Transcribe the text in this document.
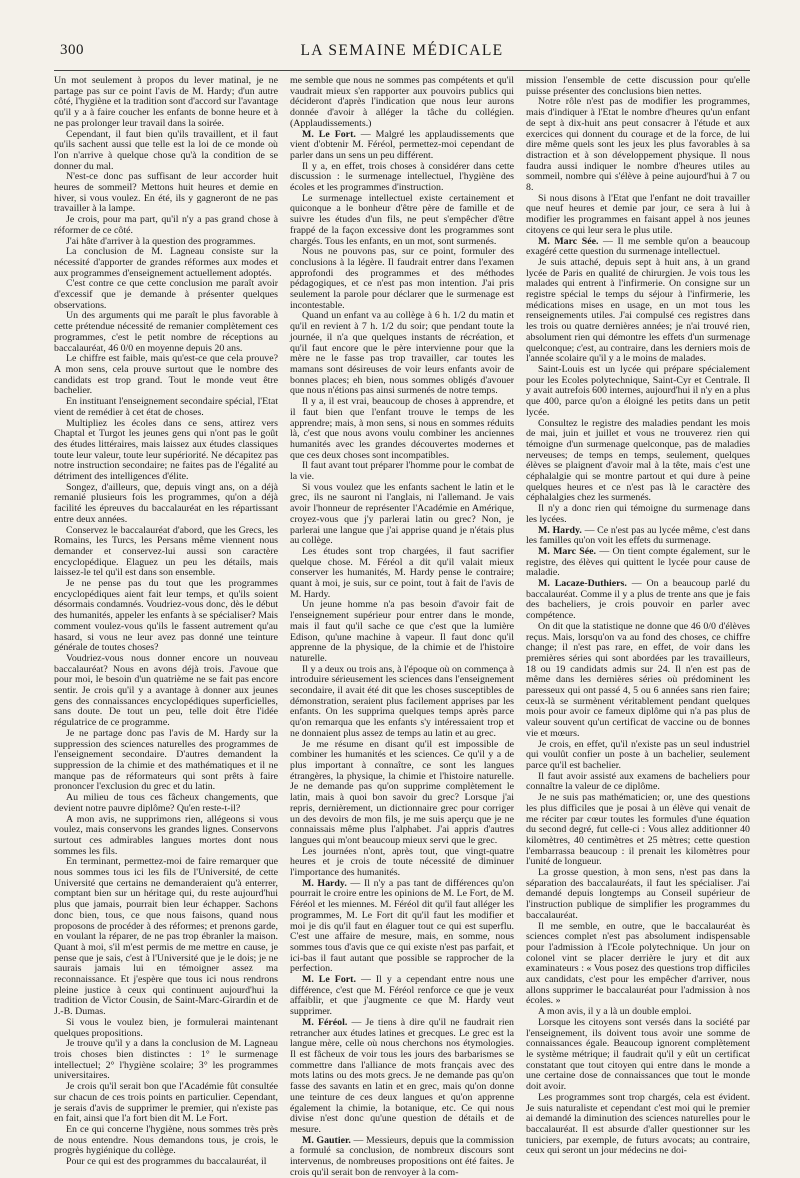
300	LA SEMAINE MÉDICALE

Un mot seulement à propos du lever matinal, je ne partage pas sur ce point l'avis de M. Hardy; d'un autre côté, l'hygiène et la tradition sont d'accord sur l'avantage qu'il y a à faire coucher les enfants de bonne heure et à ne pas prolonger leur travail dans la soirée.

Cependant, il faut bien qu'ils travaillent, et il faut qu'ils sachent aussi que telle est la loi de ce monde où l'on n'arrive à quelque chose qu'à la condition de se donner du mal.

N'est-ce donc pas suffisant de leur accorder huit heures de sommeil? Mettons huit heures et demie en hiver, si vous voulez. En été, ils y gagneront de ne pas travailler à la lampe.

Je crois, pour ma part, qu'il n'y a pas grand chose à réformer de ce côté.

J'ai hâte d'arriver à la question des programmes.

La conclusion de M. Lagneau consiste sur la nécessité d'apporter de grandes réformes aux modes et aux programmes d'enseignement actuellement adoptés.

C'est contre ce que cette conclusion me paraît avoir d'excessif que je demande à présenter quelques observations.

Un des arguments qui me paraît le plus favorable à cette prétendue nécessité de remanier complètement ces programmes, c'est le petit nombre de réceptions au baccalauréat, 46 0/0 en moyenne depuis 20 ans.

Le chiffre est faible, mais qu'est-ce que cela prouve? A mon sens, cela prouve surtout que le nombre des candidats est trop grand. Tout le monde veut être bachelier.

En instituant l'enseignement secondaire spécial, l'Etat vient de remédier à cet état de choses.

Multipliez les écoles dans ce sens, attirez vers Chaptal et Turgot les jeunes gens qui n'ont pas le goût des études littéraires, mais laissez aux études classiques toute leur valeur, toute leur supériorité. Ne décapitez pas notre instruction secondaire; ne faites pas de l'égalité au détriment des intelligences d'élite.

Songez, d'ailleurs, que, depuis vingt ans, on a déjà remanié plusieurs fois les programmes, qu'on a déjà facilité les épreuves du baccalauréat en les répartissant entre deux années.

Conservez le baccalauréat d'abord, que les Grecs, les Romains, les Turcs, les Persans même viennent nous demander et conservez-lui aussi son caractère encyclopédique. Elaguez un peu les détails, mais laissez-le tel qu'il est dans son ensemble.

Je ne pense pas du tout que les programmes encyclopédiques aient fait leur temps, et qu'ils soient désormais condamnés. Voudriez-vous donc, dès le début des humanités, appeler les enfants à se spécialiser? Mais comment voulez-vous qu'ils le fassent autrement qu'au hasard, si vous ne leur avez pas donné une teinture générale de toutes choses?

Voudriez-vous nous donner encore un nouveau baccalauréat? Nous en avons déjà trois. J'avoue que pour moi, le besoin d'un quatrième ne se fait pas encore sentir. Je crois qu'il y a avantage à donner aux jeunes gens des connaissances encyclopédiques superficielles, sans doute. De tout un peu, telle doit être l'idée régulatrice de ce programme.

Je ne partage donc pas l'avis de M. Hardy sur la suppression des sciences naturelles des programmes de l'enseignement secondaire. D'autres demandent la suppression de la chimie et des mathématiques et il ne manque pas de réformateurs qui sont prêts à faire prononcer l'exclusion du grec et du latin.

Au milieu de tous ces fâcheux changements, que devient notre pauvre diplôme? Qu'en reste-t-il?

A mon avis, ne supprimons rien, allégeons si vous voulez, mais conservons les grandes lignes. Conservons surtout ces admirables langues mortes dont nous sommes les fils.

En terminant, permettez-moi de faire remarquer que nous sommes tous ici les fils de l'Université, de cette Université que certains ne demanderaient qu'à enterrer, comptant bien sur un héritage qui, du reste aujourd'hui plus que jamais, pourrait bien leur échapper. Sachons donc bien, tous, ce que nous faisons, quand nous proposons de procéder à des réformes; et prenons garde, en voulant la réparer, de ne pas trop ébranler la maison. Quant à moi, s'il m'est permis de me mettre en cause, je pense que je sais, c'est à l'Université que je le dois; je ne saurais jamais lui en témoigner assez ma reconnaissance. Et j'espère que tous ici nous rendrons pleine justice à ceux qui continuent aujourd'hui la tradition de Victor Cousin, de Saint-Marc-Girardin et de J.-B. Dumas.

Si vous le voulez bien, je formulerai maintenant quelques propositions.

Je trouve qu'il y a dans la conclusion de M. Lagneau trois choses bien distinctes : 1° le surmenage intellectuel; 2° l'hygiène scolaire; 3° les programmes universitaires.

Je crois qu'il serait bon que l'Académie fût consultée sur chacun de ces trois points en particulier. Cependant, je serais d'avis de supprimer le premier, qui n'existe pas en fait, ainsi que l'a fort bien dit M. Le Fort.

En ce qui concerne l'hygiène, nous sommes très près de nous entendre. Nous demandons tous, je crois, le progrès hygiénique du collège.

Pour ce qui est des programmes du baccalauréat, il

me semble que nous ne sommes pas compétents et qu'il vaudrait mieux s'en rapporter aux pouvoirs publics qui décideront d'après l'indication que nous leur aurons donnée d'avoir à alléger la tâche du collégien. (Applaudissements.)

M. Le Fort. — Malgré les applaudissements que vient d'obtenir M. Féréol, permettez-moi cependant de parler dans un sens un peu différent.

Il y a, en effet, trois choses à considérer dans cette discussion : le surmenage intellectuel, l'hygiène des écoles et les programmes d'instruction.

Le surmenage intellectuel existe certainement et quiconque a le bonheur d'être père de famille et de suivre les études d'un fils, ne peut s'empêcher d'être frappé de la façon excessive dont les programmes sont chargés. Tous les enfants, en un mot, sont surmenés.

Nous ne pouvons pas, sur ce point, formuler des conclusions à la légère. Il faudrait entrer dans l'examen approfondi des programmes et des méthodes pédagogiques, et ce n'est pas mon intention. J'ai pris seulement la parole pour déclarer que le surmenage est incontestable.

Quand un enfant va au collège à 6 h. 1/2 du matin et qu'il en revient à 7 h. 1/2 du soir; que pendant toute la journée, il n'a que quelques instants de récréation, et qu'il faut encore que le père intervienne pour que la mère ne le fasse pas trop travailler, car toutes les mamans sont désireuses de voir leurs enfants avoir de bonnes places; eh bien, nous sommes obligés d'avouer que nous n'étions pas ainsi surmenés de notre temps.

Il y a, il est vrai, beaucoup de choses à apprendre, et il faut bien que l'enfant trouve le temps de les apprendre; mais, à mon sens, si nous en sommes réduits là, c'est que nous avons voulu combiner les anciennes humanités avec les grandes découvertes modernes et que ces deux choses sont incompatibles.

Il faut avant tout préparer l'homme pour le combat de la vie.

Si vous voulez que les enfants sachent le latin et le grec, ils ne sauront ni l'anglais, ni l'allemand. Je vais avoir l'honneur de représenter l'Académie en Amérique, croyez-vous que j'y parlerai latin ou grec? Non, je parlerai une langue que j'ai apprise quand je n'étais plus au collège.

Les études sont trop chargées, il faut sacrifier quelque chose. M. Féréol a dit qu'il valait mieux conserver les humanités, M. Hardy pense le contraire; quant à moi, je suis, sur ce point, tout à fait de l'avis de M. Hardy.

Un jeune homme n'a pas besoin d'avoir fait de l'enseignement supérieur pour entrer dans le monde, mais il faut qu'il sache ce que c'est que la lumière Edison, qu'une machine à vapeur. Il faut donc qu'il apprenne de la physique, de la chimie et de l'histoire naturelle.

Il y a deux ou trois ans, à l'époque où on commença à introduire sérieusement les sciences dans l'enseignement secondaire, il avait été dit que les choses susceptibles de démonstration, seraient plus facilement apprises par les enfants. On les supprima quelques temps après parce qu'on remarqua que les enfants s'y intéressaient trop et ne donnaient plus assez de temps au latin et au grec.

Je me résume en disant qu'il est impossible de combiner les humanités et les sciences. Ce qu'il y a de plus important à connaître, ce sont les langues étrangères, la physique, la chimie et l'histoire naturelle. Je ne demande pas qu'on supprime complètement le latin, mais à quoi bon savoir du grec? Lorsque j'ai repris, dernièrement, un dictionnaire grec pour corriger un des devoirs de mon fils, je me suis aperçu que je ne connaissais même plus l'alphabet. J'ai appris d'autres langues qui m'ont beaucoup mieux servi que le grec.

Les journées n'ont, après tout, que vingt-quatre heures et je crois de toute nécessité de diminuer l'importance des humanités.

M. Hardy. — Il n'y a pas tant de différences qu'on pourrait le croire entre les opinions de M. Le Fort, de M. Féréol et les miennes. M. Féréol dit qu'il faut alléger les programmes, M. Le Fort dit qu'il faut les modifier et moi je dis qu'il faut en élaguer tout ce qui est superflu. C'est une affaire de mesure, mais, en somme, nous sommes tous d'avis que ce qui existe n'est pas parfait, et ici-bas il faut autant que possible se rapprocher de la perfection.

M. Le Fort. — Il y a cependant entre nous une différence, c'est que M. Féréol renforce ce que je veux affaiblir, et que j'augmente ce que M. Hardy veut supprimer.

M. Féréol. — Je tiens à dire qu'il ne faudrait rien retrancher aux études latines et grecques. Le grec est la langue mère, celle où nous cherchons nos étymologies. Il est fâcheux de voir tous les jours des barbarismes se commettre dans l'alliance de mots français avec des mots latins ou des mots grecs. Je ne demande pas qu'on fasse des savants en latin et en grec, mais qu'on donne une teinture de ces deux langues et qu'on apprenne également la chimie, la botanique, etc. Ce qui nous divise n'est donc qu'une question de détails et de mesure.

M. Gautier. — Messieurs, depuis que la commission a formulé sa conclusion, de nombreux discours sont intervenus, de nombreuses propositions ont été faites. Je crois qu'il serait bon de renvoyer à la com-

mission l'ensemble de cette discussion pour qu'elle puisse présenter des conclusions bien nettes.

Notre rôle n'est pas de modifier les programmes, mais d'indiquer à l'Etat le nombre d'heures qu'un enfant de sept à dix-huit ans peut consacrer à l'étude et aux exercices qui donnent du courage et de la force, de lui dire même quels sont les jeux les plus favorables à sa distraction et à son développement physique. Il nous faudra aussi indiquer le nombre d'heures utiles au sommeil, nombre qui s'élève à peine aujourd'hui à 7 ou 8.

Si nous disons à l'Etat que l'enfant ne doit travailler que neuf heures et demie par jour, ce sera à lui à modifier les programmes en faisant appel à nos jeunes citoyens ce qui leur sera le plus utile.

M. Marc Sée. — Il me semble qu'on a beaucoup exagéré cette question du surmenage intellectuel.

Je suis attaché, depuis sept à huit ans, à un grand lycée de Paris en qualité de chirurgien. Je vois tous les malades qui entrent à l'infirmerie. On consigne sur un registre spécial le temps du séjour à l'infirmerie, les médications mises en usage, en un mot tous les renseignements utiles. J'ai compulsé ces registres dans les trois ou quatre dernières années; je n'ai trouvé rien, absolument rien qui démontre les effets d'un surmenage quelconque; c'est, au contraire, dans les derniers mois de l'année scolaire qu'il y a le moins de malades.

Saint-Louis est un lycée qui prépare spécialement pour les Ecoles polytechnique, Saint-Cyr et Centrale. Il y avait autrefois 600 internes, aujourd'hui il n'y en a plus que 400, parce qu'on a éloigné les petits dans un petit lycée.

Consultez le registre des maladies pendant les mois de mai, juin et juillet et vous ne trouverez rien qui témoigne d'un surmenage quelconque, pas de maladies nerveuses; de temps en temps, seulement, quelques élèves se plaignent d'avoir mal à la tête, mais c'est une céphalalgie qui se montre partout et qui dure à peine quelques heures et ce n'est pas là le caractère des céphalalgies chez les surmenés.

Il n'y a donc rien qui témoigne du surmenage dans les lycées.

M. Hardy. — Ce n'est pas au lycée même, c'est dans les familles qu'on voit les effets du surmenage.

M. Marc Sée. — On tient compte également, sur le registre, des élèves qui quittent le lycée pour cause de maladie.

M. Lacaze-Duthiers. — On a beaucoup parlé du baccalauréat. Comme il y a plus de trente ans que je fais des bacheliers, je crois pouvoir en parler avec compétence.

On dit que la statistique ne donne que 46 0/0 d'élèves reçus. Mais, lorsqu'on va au fond des choses, ce chiffre change; il n'est pas rare, en effet, de voir dans les premières séries qui sont abordées par les travailleurs, 18 ou 19 candidats admis sur 24. Il n'en est pas de même dans les dernières séries où prédominent les paresseux qui ont passé 4, 5 ou 6 années sans rien faire; ceux-là se surmènent véritablement pendant quelques mois pour avoir ce fameux diplôme qui n'a pas plus de valeur souvent qu'un certificat de vaccine ou de bonnes vie et mœurs.

Je crois, en effet, qu'il n'existe pas un seul industriel qui voulût confier un poste à un bachelier, seulement parce qu'il est bachelier.

Il faut avoir assisté aux examens de bacheliers pour connaître la valeur de ce diplôme.

Je ne suis pas mathématicien; or, une des questions les plus difficiles que je posai à un élève qui venait de me réciter par cœur toutes les formules d'une équation du second degré, fut celle-ci : Vous allez additionner 40 kilomètres, 40 centimètres et 25 mètres; cette question l'embarrassa beaucoup : il prenait les kilomètres pour l'unité de longueur.

La grosse question, à mon sens, n'est pas dans la séparation des baccalauréats, il faut les spécialiser. J'ai demandé depuis longtemps au Conseil supérieur de l'instruction publique de simplifier les programmes du baccalauréat.

Il me semble, en outre, que le baccalauréat ès sciences complet n'est pas absolument indispensable pour l'admission à l'Ecole polytechnique. Un jour on colonel vint se placer derrière le jury et dit aux examinateurs : « Vous posez des questions trop difficiles aux candidats, c'est pour les empêcher d'arriver, nous allons supprimer le baccalauréat pour l'admission à nos écoles. »

A mon avis, il y a là un double emploi.

Lorsque les citoyens sont versés dans la société par l'enseignement, ils doivent tous avoir une somme de connaissances égale. Beaucoup ignorent complètement le système métrique; il faudrait qu'il y eût un certificat constatant que tout citoyen qui entre dans le monde a une certaine dose de connaissances que tout le monde doit avoir.

Les programmes sont trop chargés, cela est évident. Je suis naturaliste et cependant c'est moi qui le premier ai demandé la diminution des sciences naturelles pour le baccalauréat. Il est absurde d'aller questionner sur les tuniciers, par exemple, de futurs avocats; au contraire, ceux qui seront un jour médecins ne doi-
